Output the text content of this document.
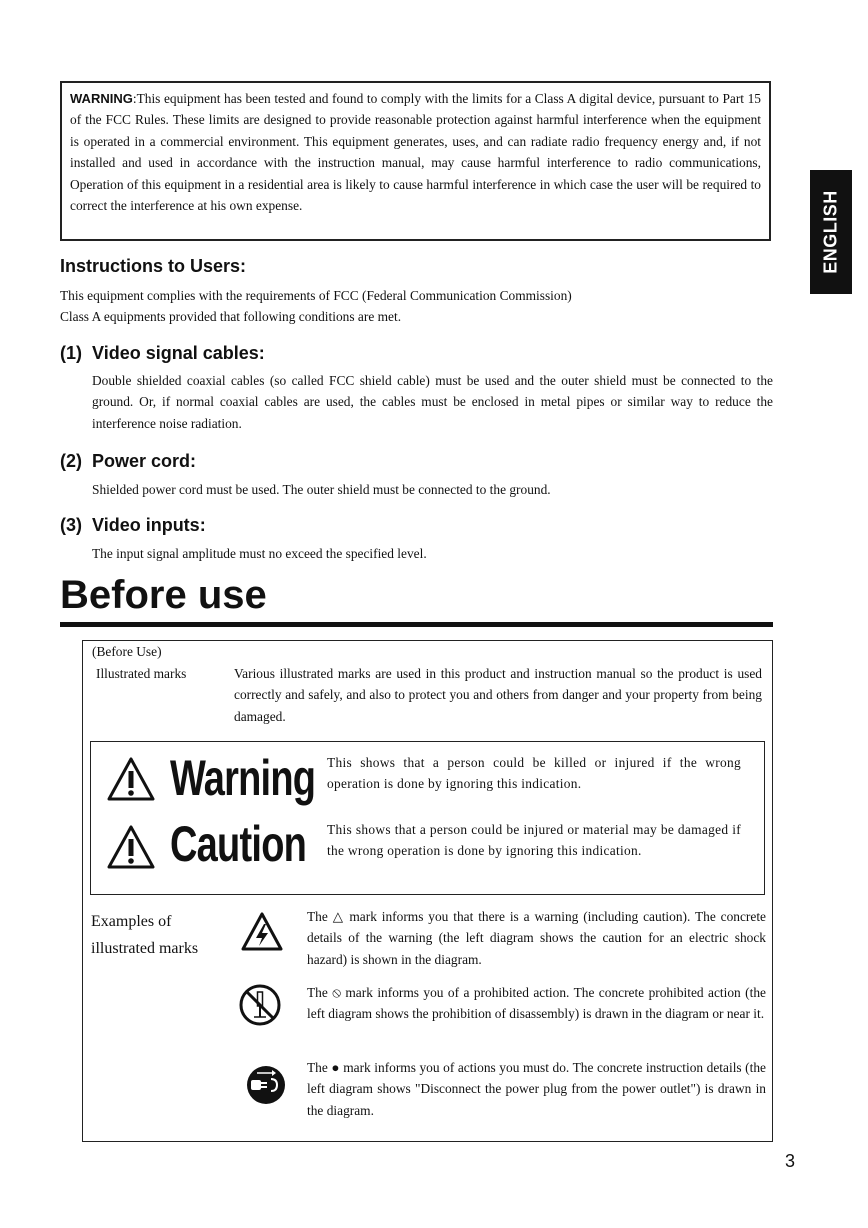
WARNING:This equipment has been tested and found to comply with the limits for a Class A digital device, pursuant to Part 15 of the FCC Rules. These limits are designed to provide reasonable protection against harmful interference when the equipment is operated in a commercial environment. This equipment generates, uses, and can radiate radio frequency energy and, if not installed and used in accordance with the instruction manual, may cause harmful interference to radio communications, Operation of this equipment in a residential area is likely to cause harmful interference in which case the user will be required to correct the interference at his own expense.	ENGLISH
Instructions to Users:

This equipment complies with the requirements of FCC (Federal Communication Commission)

Class A equipments provided that following conditions are met.

(1) Video signal cables:

Double shielded coaxial cables (so called FCC shield cable) must be used and the outer shield must be connected to the ground. Or, if normal coaxial cables are used, the cables must be enclosed in metal pipes or similar way to reduce the interference noise radiation.

(2) Power cord:

Shielded power cord must be used. The outer shield must be connected to the ground.

(3) Video inputs:

The input signal amplitude must no exceed the specified level.

Before use

(Before Use)

Illustrated marks	Various illustrated marks are used in this product and instruction manual so the product is used correctly and safely, and also to protect you and others from danger and your property from being damaged.

Warning This shows that a person could be killed or injured if the wrong operation is done by ignoring this indication.

Caution This shows that a person could be injured or material may be damaged if the wrong operation is done by ignoring this indication.

Examples of
illustrated marks

The △ mark informs you that there is a warning (including caution). The concrete details of the warning (the left diagram shows the caution for an electric shock hazard) is shown in the diagram.

The ⦸ mark informs you of a prohibited action. The concrete prohibited action (the left diagram shows the prohibition of disassembly) is drawn in the diagram or near it.

The ● mark informs you of actions you must do. The concrete instruction details (the left diagram shows "Disconnect the power plug from the power outlet") is drawn in the diagram.

3
